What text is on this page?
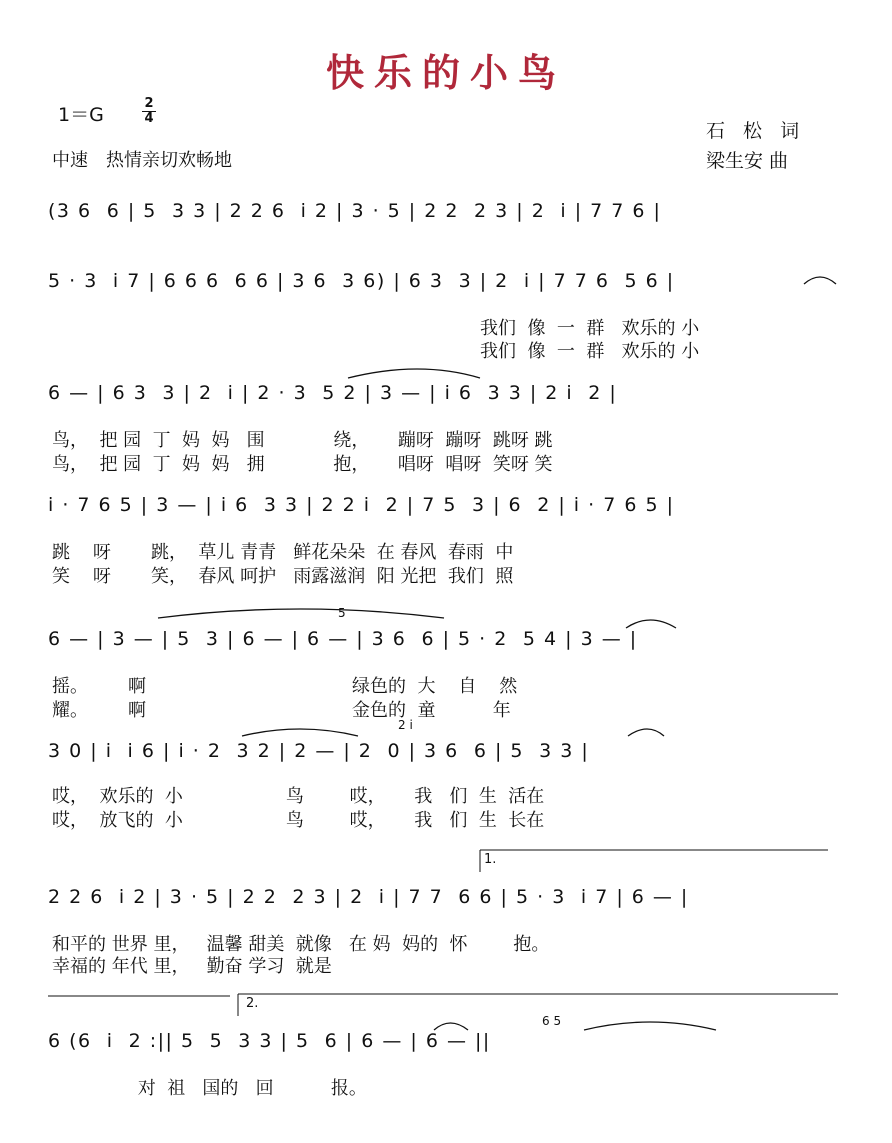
快乐的小鸟
1＝G
2
4
中速　热情亲切欢畅地
石 松 词
梁生安 曲
(3 6  6 | 5  3 3 | 2 2 6  i 2 | 3 · 5 | 2 2  2 3 | 2  i | 7 7 6 |
5 · 3  i 7 | 6 6 6  6 6 | 3 6  3 6) | 6 3  3 | 2  i | 7 7 6  5 6 |
我们  像  一  群   欢乐的 小
我们  像  一  群   欢乐的 小
6 — | 6 3  3 | 2  i | 2 · 3  5 2 | 3 — | i 6  3 3 | 2 i  2 |
鸟，  把 园  丁  妈  妈   围            绕，     蹦呀  蹦呀  跳呀 跳
鸟，  把 园  丁  妈  妈   拥            抱，     唱呀  唱呀  笑呀 笑
i · 7 6 5 | 3 — | i 6  3 3 | 2 2 i  2 | 7 5  3 | 6  2 | i · 7 6 5 |
跳    呀       跳，  草儿 青青   鲜花朵朵  在 春风  春雨  中
笑    呀       笑，  春风 呵护   雨露滋润  阳 光把  我们  照
6 — | 3 — | 5  3 | 6 — | 6 — | 3 6  6 | 5 · 2  5 4 | 3 — |
5
摇。       啊                                    绿色的  大    自    然
耀。       啊                                    金色的  童          年
3 0 | i  i 6 | i · 2  3 2 | 2 — | 2  0 | 3 6  6 | 5  3 3 |
2 i
哎，  欢乐的  小                  鸟        哎，     我   们  生  活在
哎，  放飞的  小                  鸟        哎，     我   们  生  长在
1.
2 2 6  i 2 | 3 · 5 | 2 2  2 3 | 2  i | 7 7  6 6 | 5 · 3  i 7 | 6 — |
和平的 世界 里，   温馨 甜美  就像   在 妈  妈的  怀        抱。
幸福的 年代 里，   勤奋 学习  就是
2.
6 5
6 (6  i  2 :|| 5  5  3 3 | 5  6 | 6 — | 6 — ||
对  祖   国的   回          报。
